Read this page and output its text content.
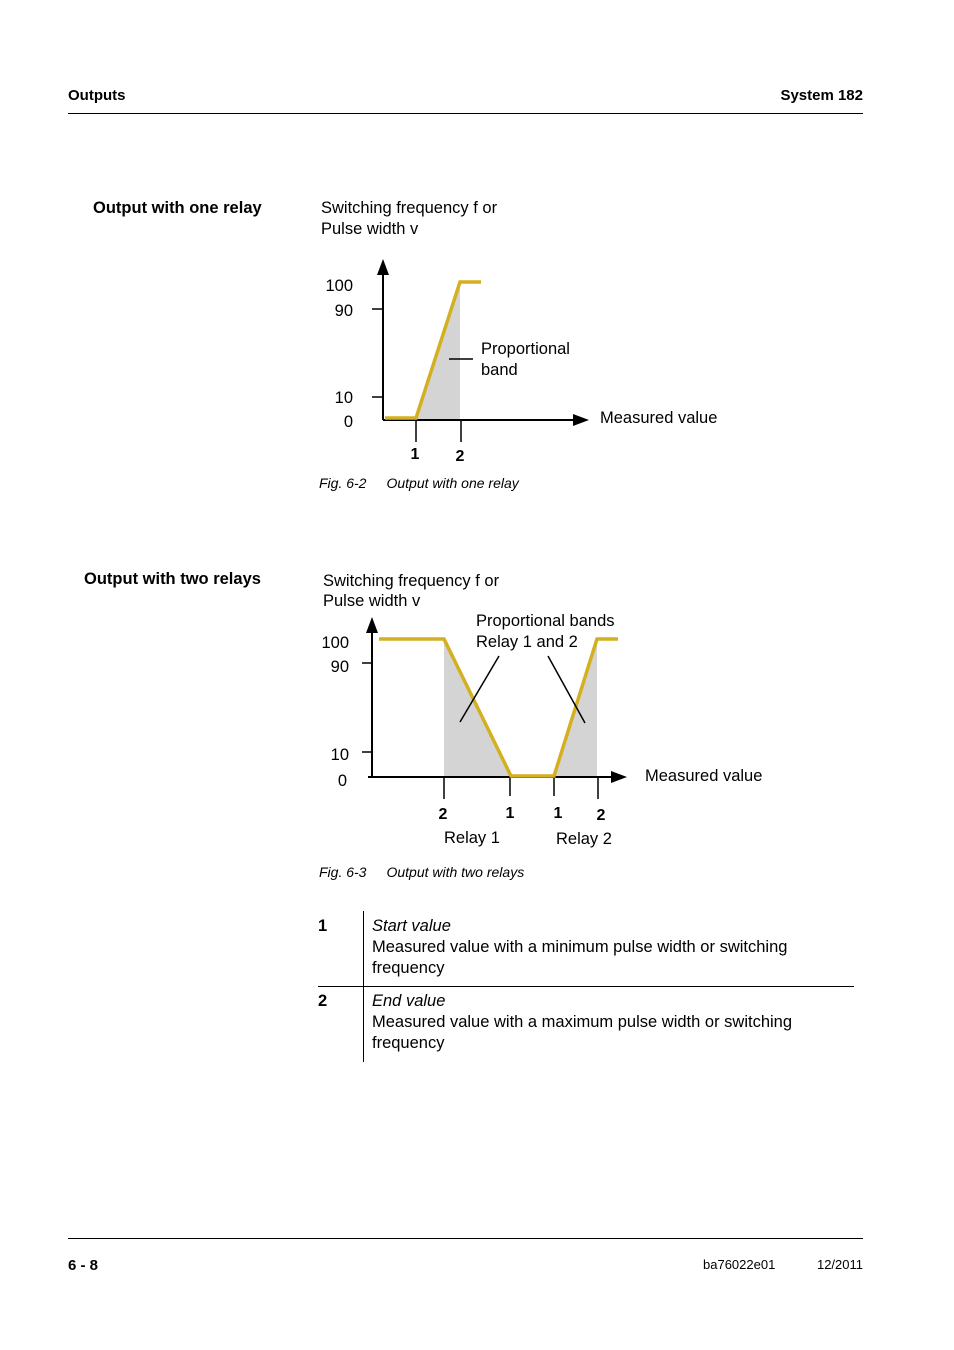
Outputs	System 182
Output with one relay	Switching frequency f or
Pulse width v
100
90
10
0
1 2
Proportional
band
Measured value
Fig. 6-2 Output with one relay
Output with two relays	Switching frequency f or
Pulse width v
100
90
10
0
2	1 1 2
Relay 1	Relay 2
Proportional bands
Relay 1 and 2
Measured value
Fig. 6-3 Output with two relays
1	Start value
Measured value with a minimum pulse width or switching
frequency
2	End value
Measured value with a maximum pulse width or switching
frequency
6 - 8	ba76022e01	12/2011
